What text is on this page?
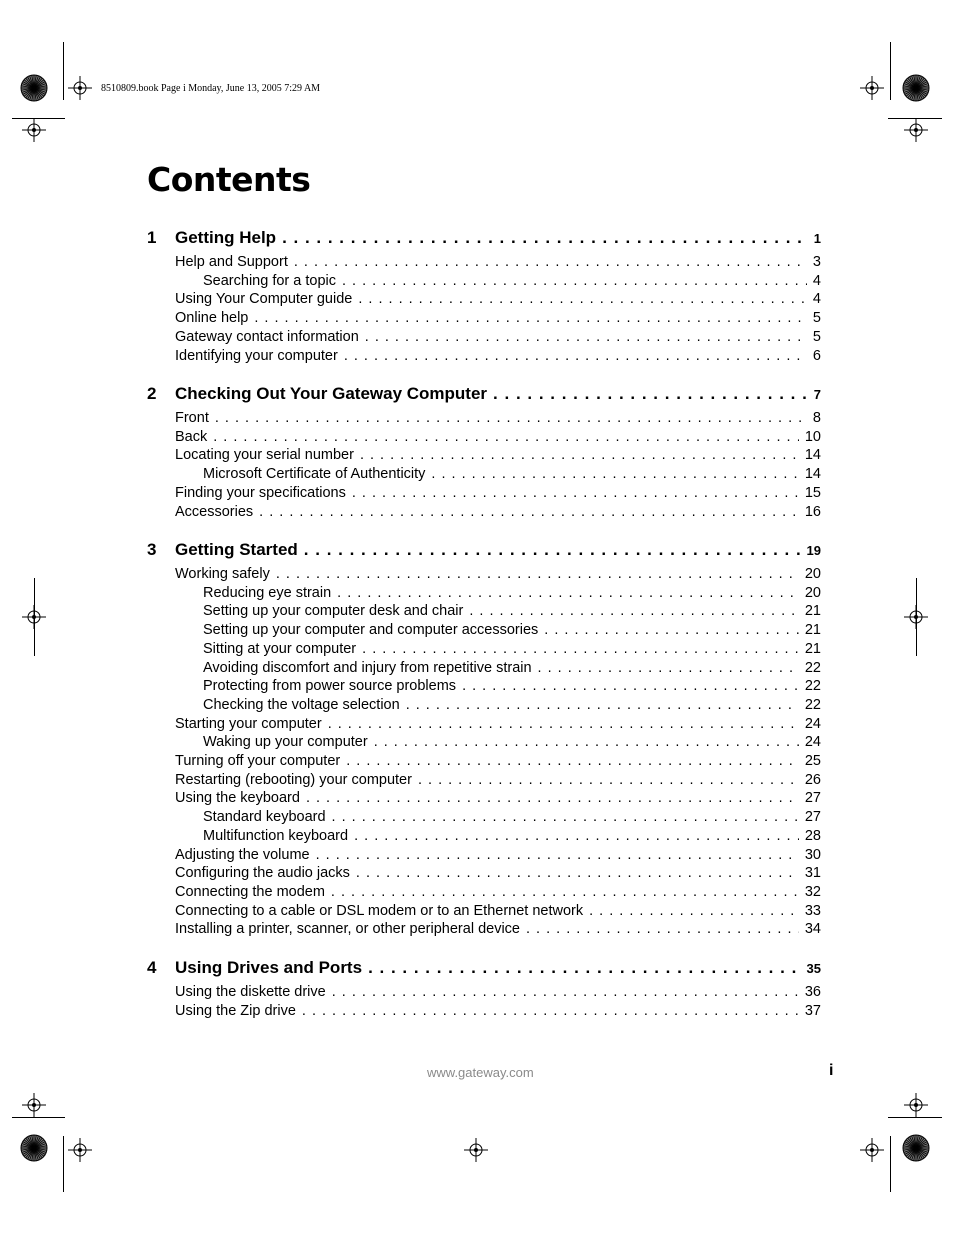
8510809.book Page i Monday, June 13, 2005 7:29 AM
Contents
1 Getting Help . . .	1
Help and Support . . .	3
Searching for a topic . . .	4
Using Your Computer guide . . .	4
Online help . . .	5
Gateway contact information . . .	5
Identifying your computer . . .	6
2 Checking Out Your Gateway Computer . . .	7
Front . . .	8
Back . . .	10
Locating your serial number . . .	14
Microsoft Certificate of Authenticity . . .	14
Finding your specifications . . .	15
Accessories . . .	16
3 Getting Started . . .	19
Working safely . . .	20
Reducing eye strain . . .	20
Setting up your computer desk and chair . . .	21
Setting up your computer and computer accessories . . .	21
Sitting at your computer . . .	21
Avoiding discomfort and injury from repetitive strain . . .	22
Protecting from power source problems . . .	22
Checking the voltage selection . . .	22
Starting your computer . . .	24
Waking up your computer . . .	24
Turning off your computer . . .	25
Restarting (rebooting) your computer . . .	26
Using the keyboard . . .	27
Standard keyboard . . .	27
Multifunction keyboard . . .	28
Adjusting the volume . . .	30
Configuring the audio jacks . . .	31
Connecting the modem . . .	32
Connecting to a cable or DSL modem or to an Ethernet network . . .	33
Installing a printer, scanner, or other peripheral device . . .	34
4 Using Drives and Ports . . .	35
Using the diskette drive . . .	36
Using the Zip drive . . .	37
www.gateway.com	i
